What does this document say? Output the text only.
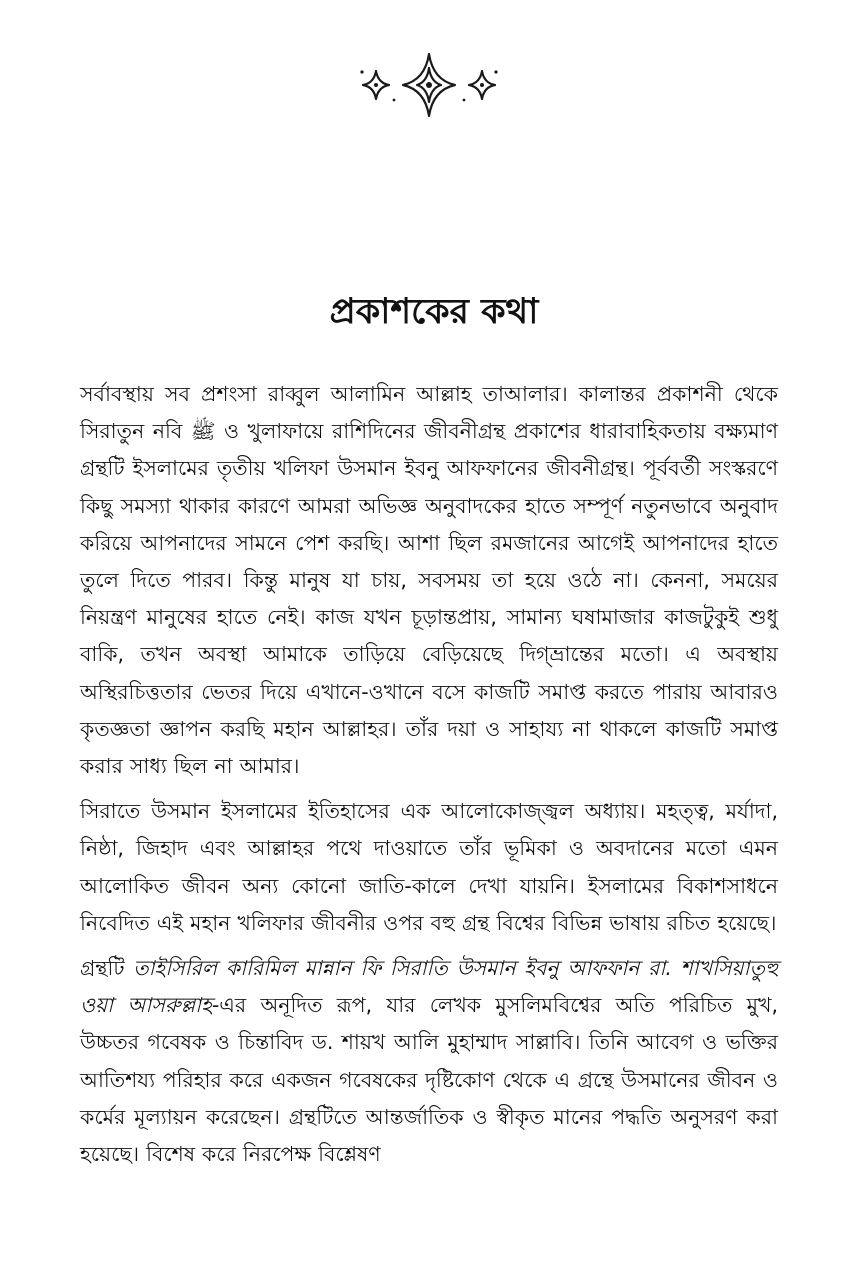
প্রকাশকের কথা

সর্বাবস্থায় সব প্রশংসা রাব্বুল আলামিন আল্লাহ তাআলার। কালান্তর প্রকাশনী থেকে সিরাতুন নবি ﷺ ও খুলাফায়ে রাশিদিনের জীবনীগ্রন্থ প্রকাশের ধারাবাহিকতায় বক্ষ্যমাণ গ্রন্থটি ইসলামের তৃতীয় খলিফা উসমান ইবনু আফফানের জীবনীগ্রন্থ। পূর্ববর্তী সংস্করণে কিছু সমস্যা থাকার কারণে আমরা অভিজ্ঞ অনুবাদকের হাতে সম্পূর্ণ নতুনভাবে অনুবাদ করিয়ে আপনাদের সামনে পেশ করছি। আশা ছিল রমজানের আগেই আপনাদের হাতে তুলে দিতে পারব। কিন্তু মানুষ যা চায়, সবসময় তা হয়ে ওঠে না। কেননা, সময়ের নিয়ন্ত্রণ মানুষের হাতে নেই। কাজ যখন চূড়ান্তপ্রায়, সামান্য ঘষামাজার কাজটুকুই শুধু বাকি, তখন অবস্থা আমাকে তাড়িয়ে বেড়িয়েছে দিগ্‌ভ্রান্তের মতো। এ অবস্থায় অস্থিরচিত্ততার ভেতর দিয়ে এখানে-ওখানে বসে কাজটি সমাপ্ত করতে পারায় আবারও কৃতজ্ঞতা জ্ঞাপন করছি মহান আল্লাহর। তাঁর দয়া ও সাহায্য না থাকলে কাজটি সমাপ্ত করার সাধ্য ছিল না আমার।

সিরাতে উসমান ইসলামের ইতিহাসের এক আলোকোজ্জ্বল অধ্যায়। মহত্ত্ব, মর্যাদা, নিষ্ঠা, জিহাদ এবং আল্লাহর পথে দাওয়াতে তাঁর ভূমিকা ও অবদানের মতো এমন আলোকিত জীবন অন্য কোনো জাতি-কালে দেখা যায়নি। ইসলামের বিকাশসাধনে নিবেদিত এই মহান খলিফার জীবনীর ওপর বহু গ্রন্থ বিশ্বের বিভিন্ন ভাষায় রচিত হয়েছে।

গ্রন্থটি তাইসিরিল কারিমিল মান্নান ফি সিরাতি উসমান ইবনু আফফান রা. শাখসিয়াতুহু ওয়া আসরুল্লাহ-এর অনূদিত রূপ, যার লেখক মুসলিমবিশ্বের অতি পরিচিত মুখ, উচ্চতর গবেষক ও চিন্তাবিদ ড. শায়খ আলি মুহাম্মাদ সাল্লাবি। তিনি আবেগ ও ভক্তির আতিশয্য পরিহার করে একজন গবেষকের দৃষ্টিকোণ থেকে এ গ্রন্থে উসমানের জীবন ও কর্মের মূল্যায়ন করেছেন। গ্রন্থটিতে আন্তর্জাতিক ও স্বীকৃত মানের পদ্ধতি অনুসরণ করা হয়েছে। বিশেষ করে নিরপেক্ষ বিশ্লেষণ
